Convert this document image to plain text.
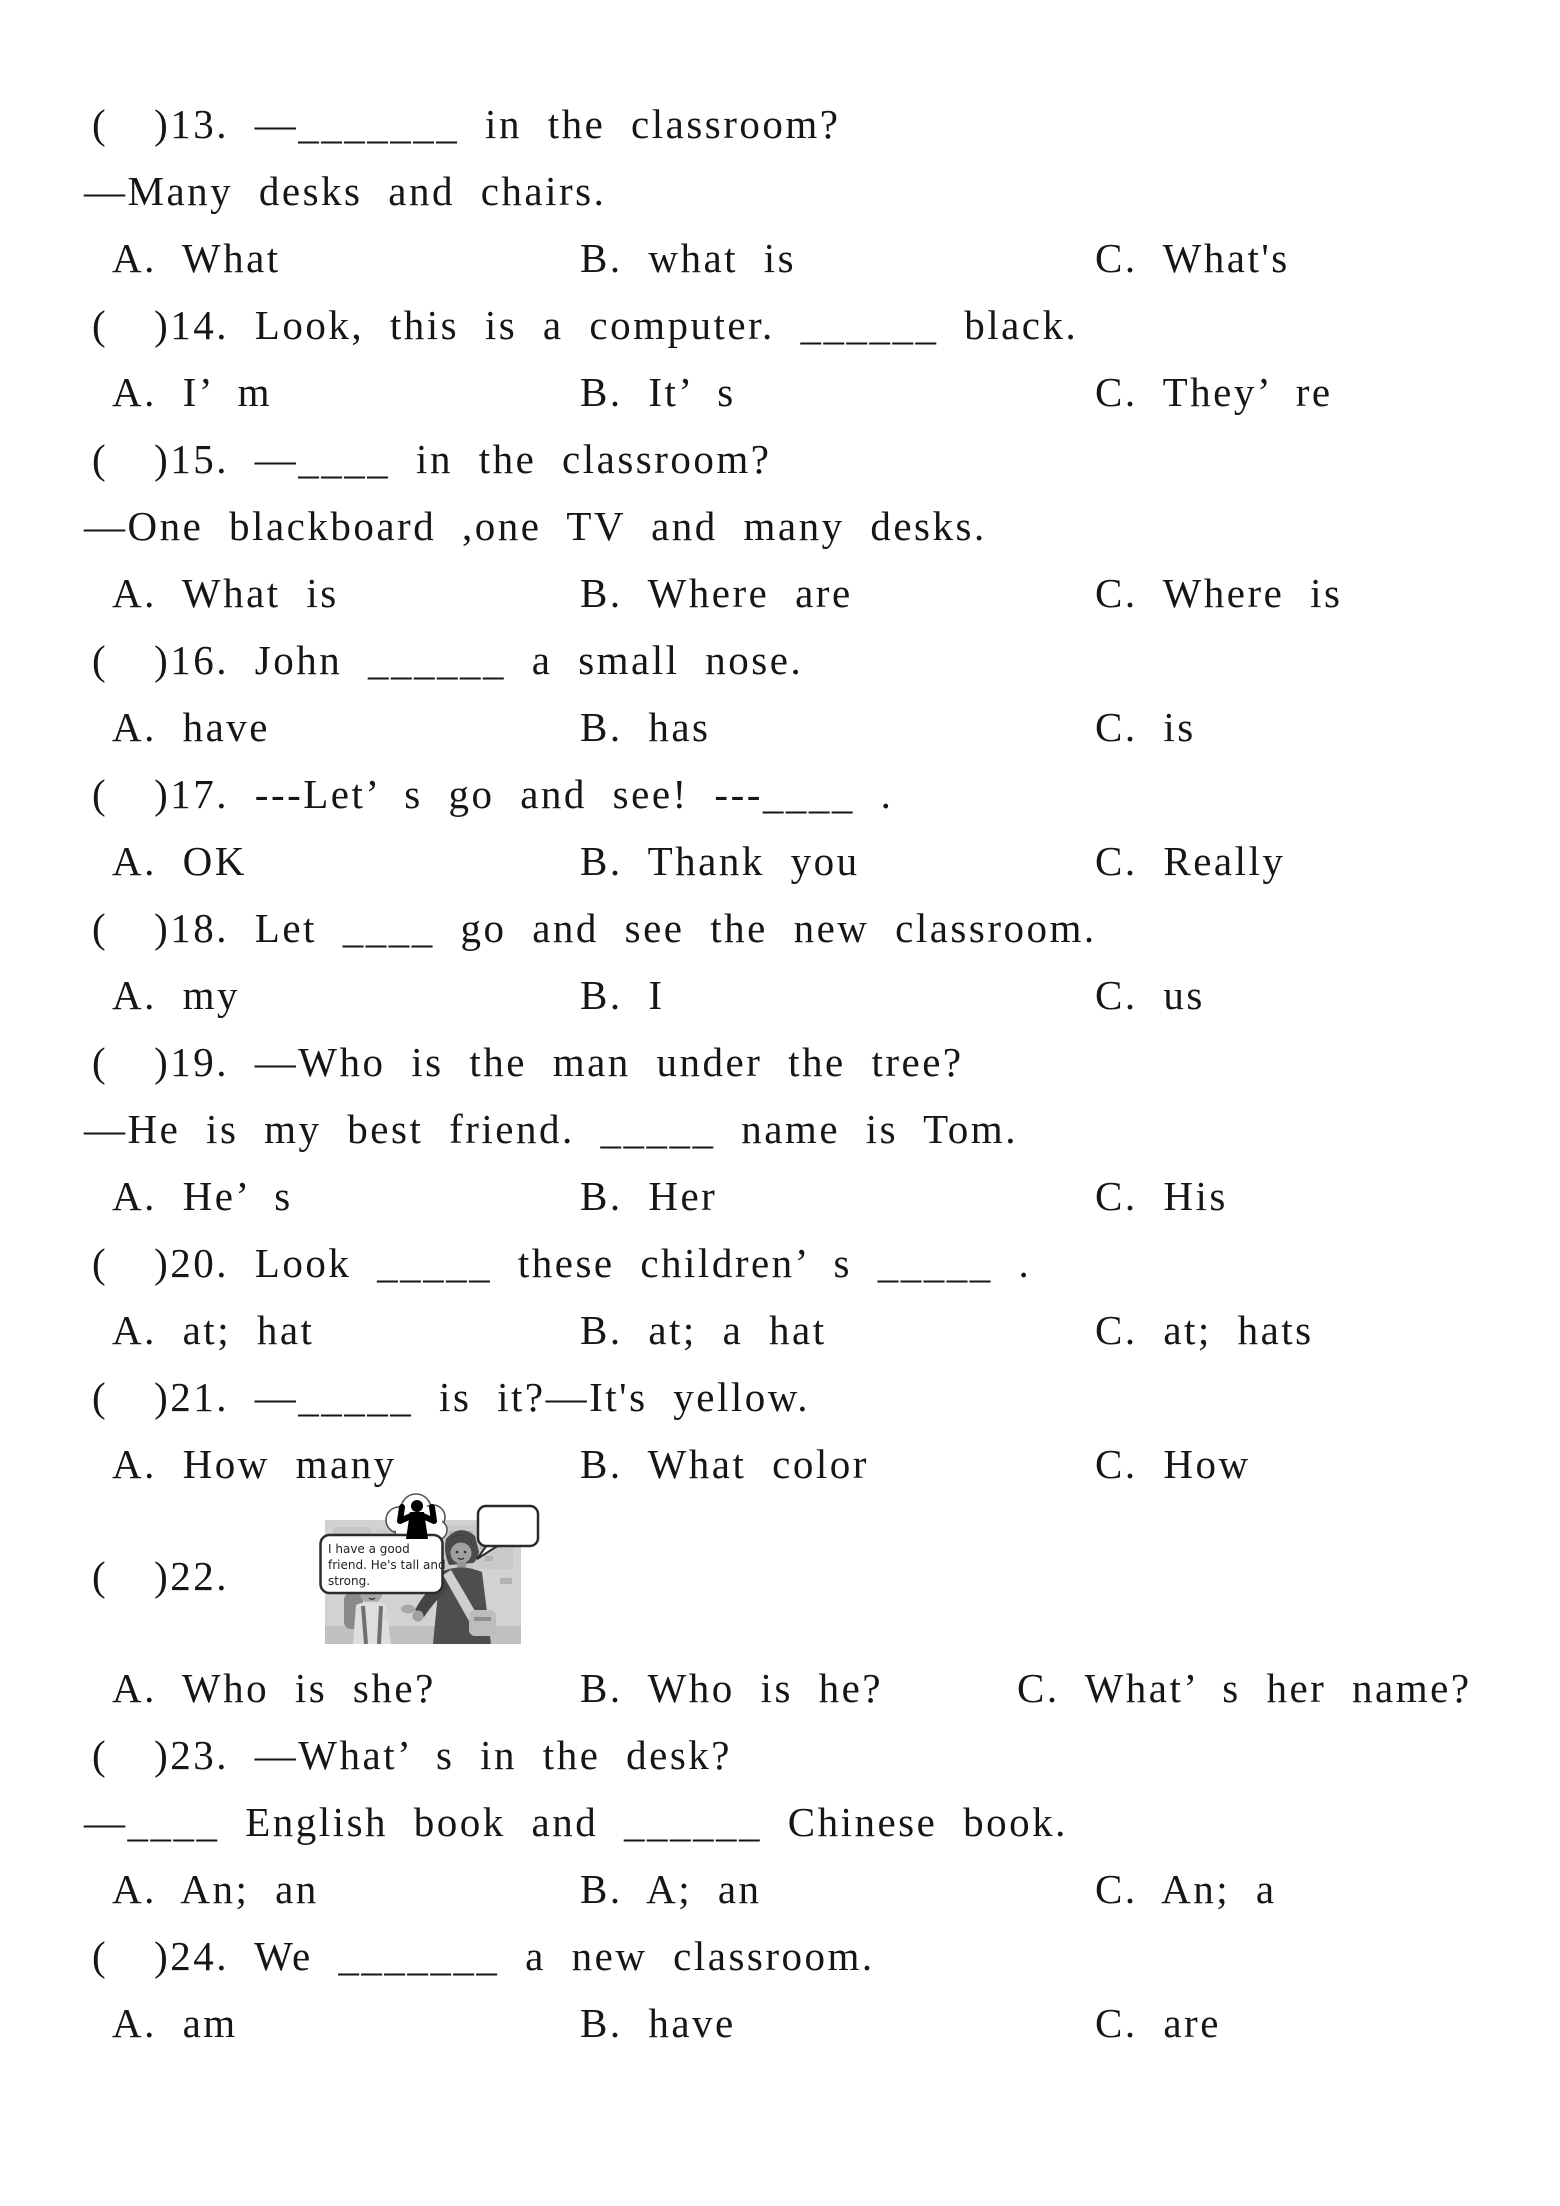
(  )13. —_______ in the classroom?
—Many desks and chairs.
A. What	B. what is	C. What's
(  )14. Look, this is a computer. ______ black.
A. I’ m	B. It’ s	C. They’ re
(  )15. —____ in the classroom?
—One blackboard ,one TV and many desks.
A. What is	B. Where are	C. Where is
(  )16. John ______ a small nose.
A. have	B. has	C. is
(  )17. ---Let’ s go and see! ---____ .
A. OK	B. Thank you	C. Really
(  )18. Let ____ go and see the new classroom.
A. my	B. I	C. us
(  )19. —Who is the man under the tree?
—He is my best friend. _____ name is Tom.
A. He’ s	B. Her	C. His
(  )20. Look _____ these children’ s _____ .
A. at; hat	B. at; a hat	C. at; hats
(  )21. —_____ is it?—It's yellow.
A. How many	B. What color	C. How
(  )22.
I have a good
friend. He's tall and
strong.
A. Who is she?	B. Who is he?	C. What’ s her name?
(  )23. —What’ s in the desk?
—____ English book and ______ Chinese book.
A. An; an	B. A; an	C. An; a
(  )24. We _______ a new classroom.
A. am	B. have	C. are
